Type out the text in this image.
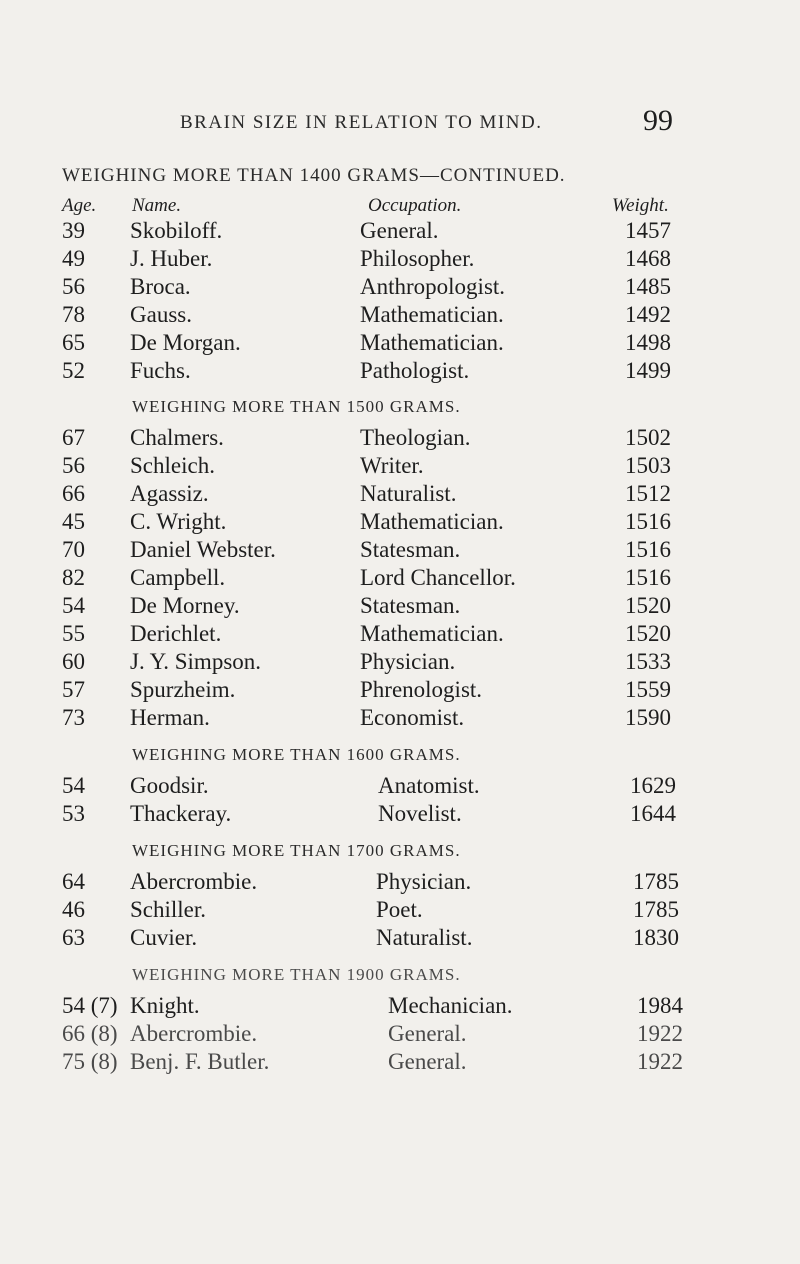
BRAIN SIZE IN RELATION TO MIND.	99
WEIGHING MORE THAN 1400 GRAMS—CONTINUED.
Age. Name.	Occupation.	Weight.
39 Skobiloff.	General.	1457
49 J. Huber.	Philosopher.	1468
56 Broca.	Anthropologist.	1485
78 Gauss.	Mathematician.	1492
65 De Morgan.	Mathematician.	1498
52 Fuchs.	Pathologist.	1499
WEIGHING MORE THAN 1500 GRAMS.
67 Chalmers.	Theologian.	1502
56 Schleich.	Writer.	1503
66 Agassiz.	Naturalist.	1512
45 C. Wright.	Mathematician.	1516
70 Daniel Webster.	Statesman.	1516
82 Campbell.	Lord Chancellor.	1516
54 De Morney.	Statesman.	1520
55 Derichlet.	Mathematician.	1520
60 J. Y. Simpson.	Physician.	1533
57 Spurzheim.	Phrenologist.	1559
73 Herman.	Economist.	1590
WEIGHING MORE THAN 1600 GRAMS.
54 Goodsir.	Anatomist.	1629
53 Thackeray.	Novelist.	1644
WEIGHING MORE THAN 1700 GRAMS.
64 Abercrombie.	Physician.	1785
46 Schiller.	Poet.	1785
63 Cuvier.	Naturalist.	1830
WEIGHING MORE THAN 1900 GRAMS.
54 (7) Knight.	Mechanician.	1984
66 (8) Abercrombie.	General.	1922
75 (8) Benj. F. Butler.	General.	1922
